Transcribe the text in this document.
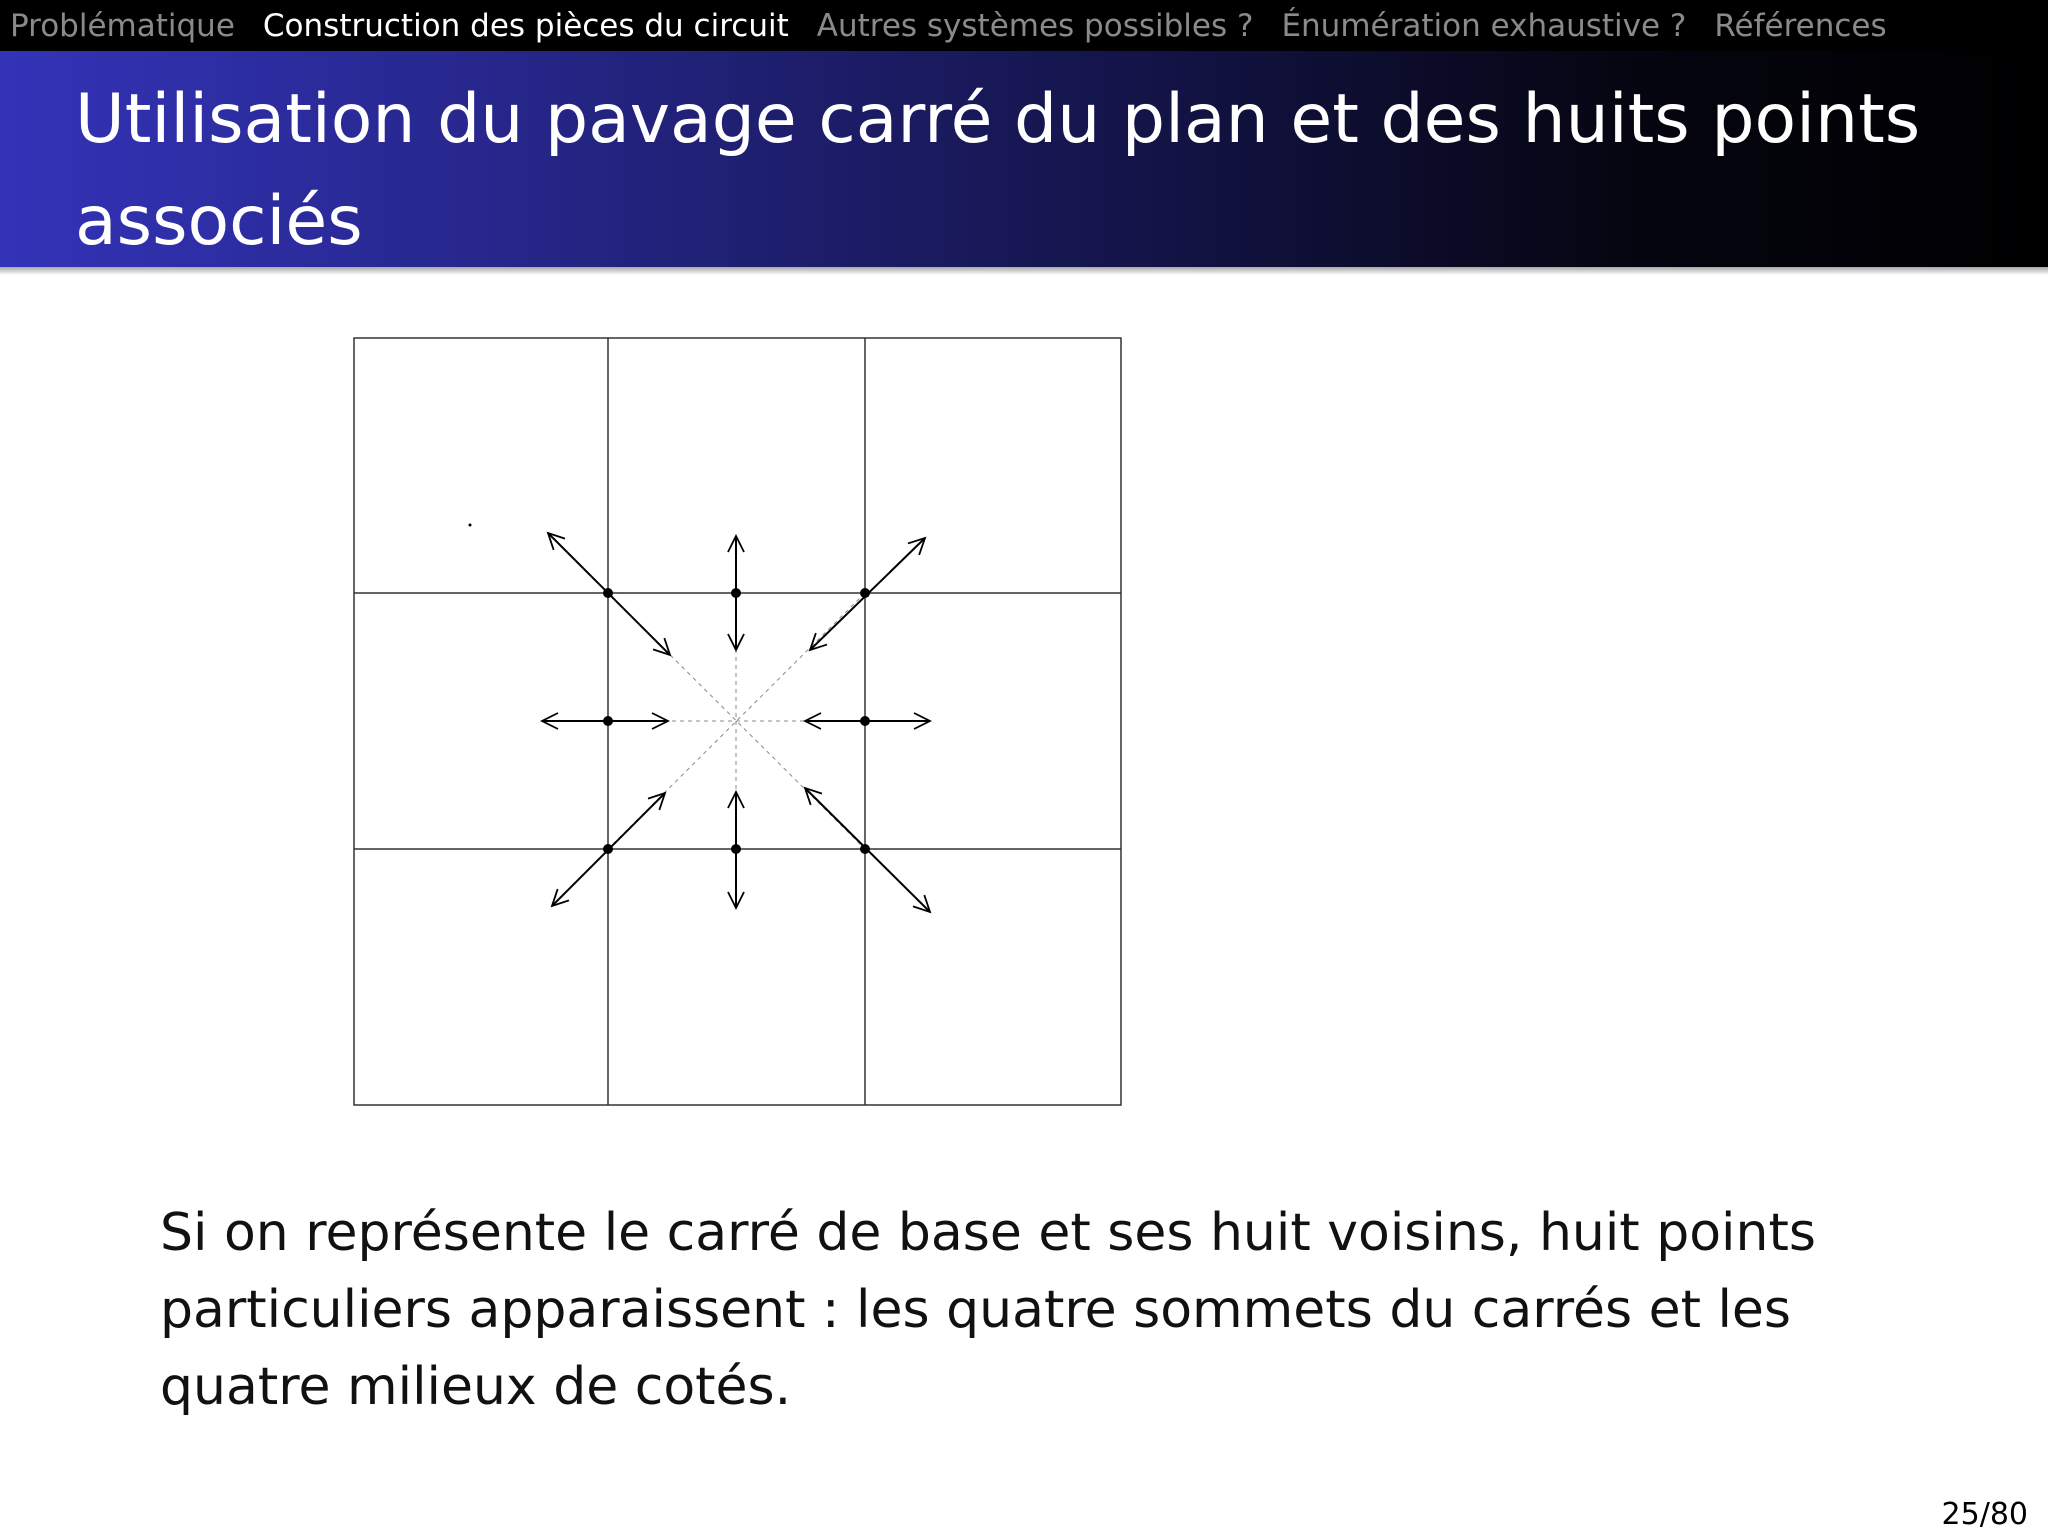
Problématique Construction des pièces du circuit Autres systèmes possibles ? Énumération exhaustive ? Références
Utilisation du pavage carré du plan et des huits points associés
Si on représente le carré de base et ses huit voisins, huit points particuliers apparaissent : les quatre sommets du carrés et les quatre milieux de cotés.
25/80
